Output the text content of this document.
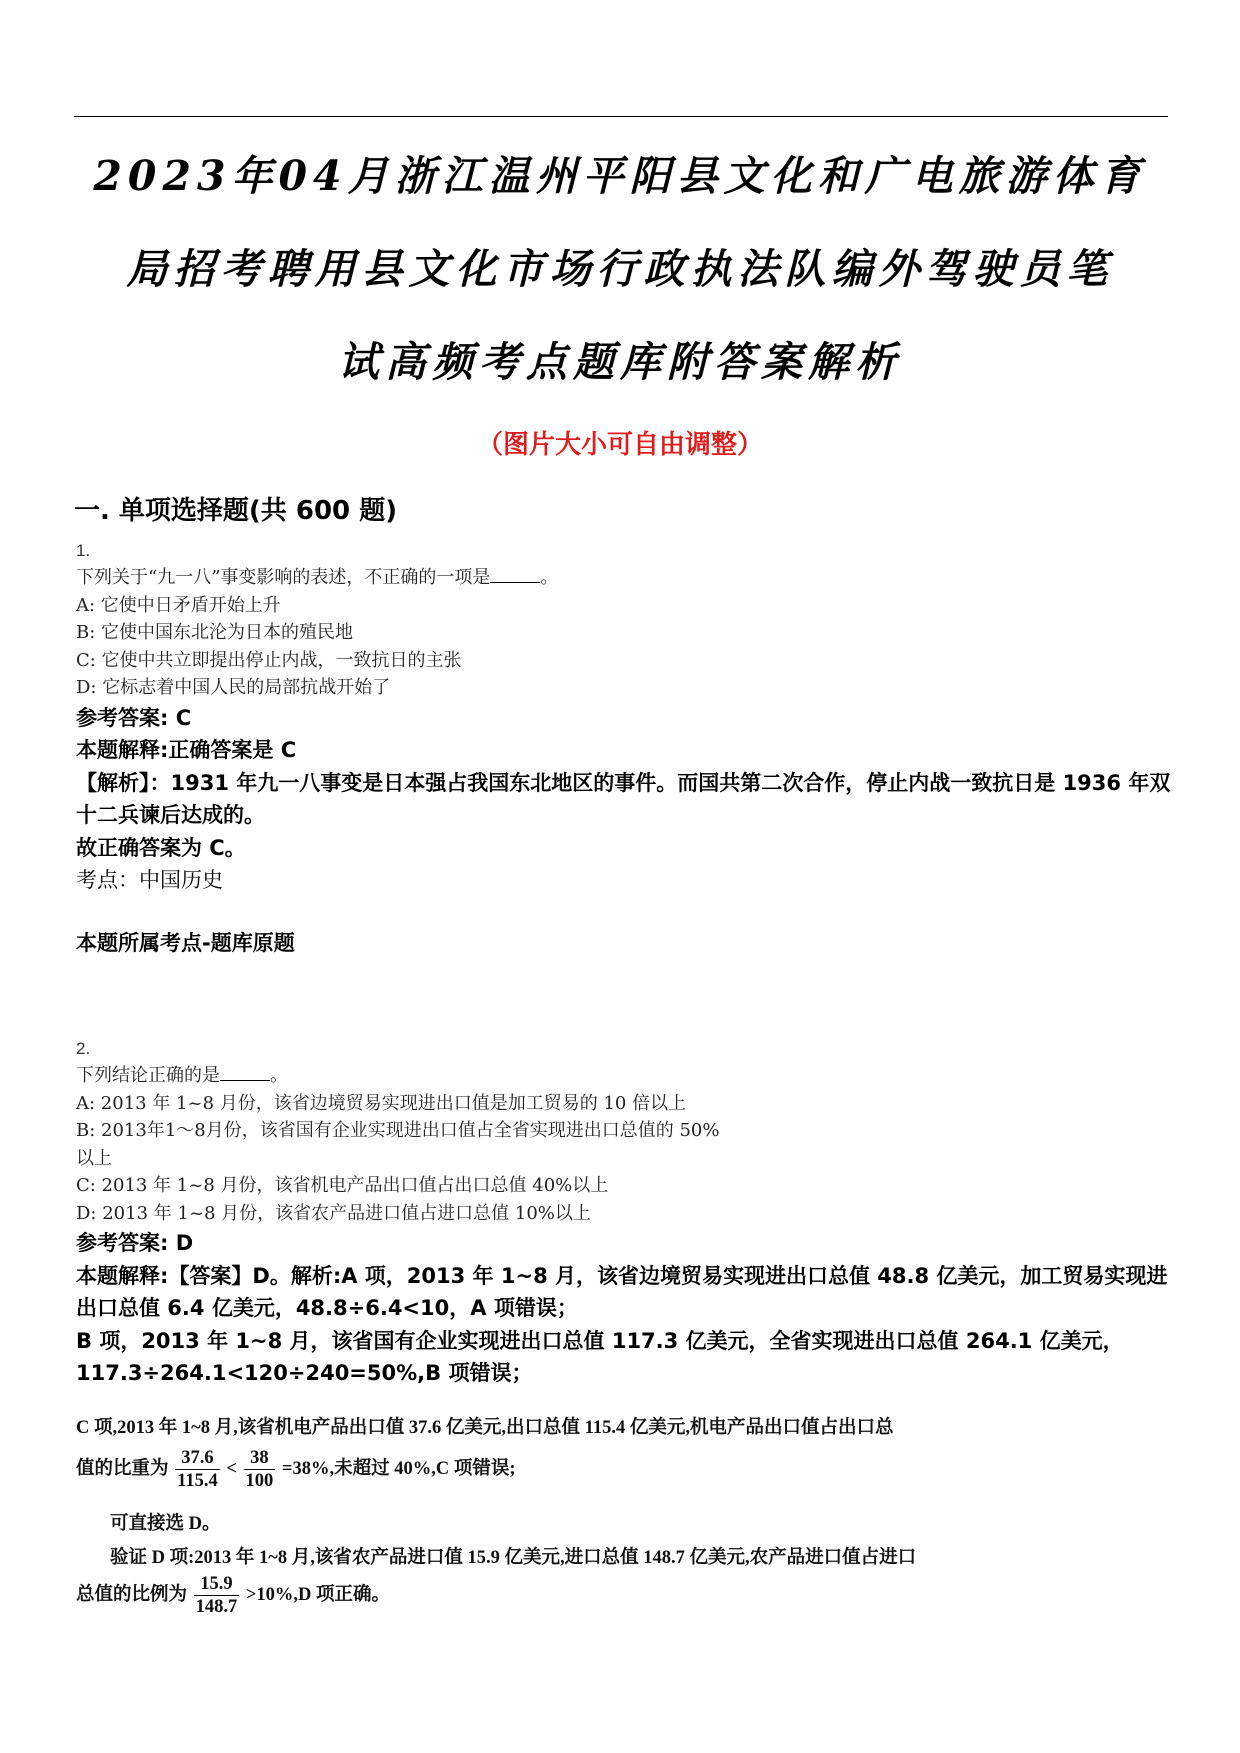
2023年04月浙江温州平阳县文化和广电旅游体育
局招考聘用县文化市场行政执法队编外驾驶员笔
试高频考点题库附答案解析

（图片大小可自由调整）

一. 单项选择题(共 600 题)
1.
下列关于“九一八”事变影响的表述，不正确的一项是	。
A: 它使中日矛盾开始上升
B: 它使中国东北沦为日本的殖民地
C: 它使中共立即提出停止内战，一致抗日的主张
D: 它标志着中国人民的局部抗战开始了
参考答案: C
本题解释:正确答案是 C
【解析】：1931 年九一八事变是日本强占我国东北地区的事件。而国共第二次合作，停止内战一致抗日是 1936 年双十二兵谏后达成的。
故正确答案为 C。
考点：中国历史
本题所属考点-题库原题
2.
下列结论正确的是	。
A: 2013 年 1~8 月份，该省边境贸易实现进出口值是加工贸易的 10 倍以上
B: 2013年1～8月份，该省国有企业实现进出口值占全省实现进出口总值的 50%
以上
C: 2013 年 1~8 月份，该省机电产品出口值占出口总值 40%以上
D: 2013 年 1~8 月份，该省农产品进口值占进口总值 10%以上
参考答案: D
本题解释:【答案】D。解析:A 项，2013 年 1~8 月，该省边境贸易实现进出口总值 48.8 亿美元，加工贸易实现进出口总值 6.4 亿美元，48.8÷6.4<10，A 项错误；
B 项，2013 年 1~8 月，该省国有企业实现进出口总值 117.3 亿美元，全省实现进出口总值 264.1 亿美元，117.3÷264.1<120÷240=50%,B 项错误；
C 项,2013 年 1~8 月,该省机电产品出口值 37.6 亿美元,出口总值 115.4 亿美元,机电产品出口值占出口总
值的比重为 $\frac{37.6}{115.4} < \frac{38}{100} =38\%$,未超过 40%,C 项错误;
可直接选 D。
验证 D 项:2013 年 1~8 月,该省农产品进口值 15.9 亿美元,进口总值 148.7 亿美元,农产品进口值占进口
总值的比例为 $\frac{15.9}{148.7} >10\%,D$ 项正确。
